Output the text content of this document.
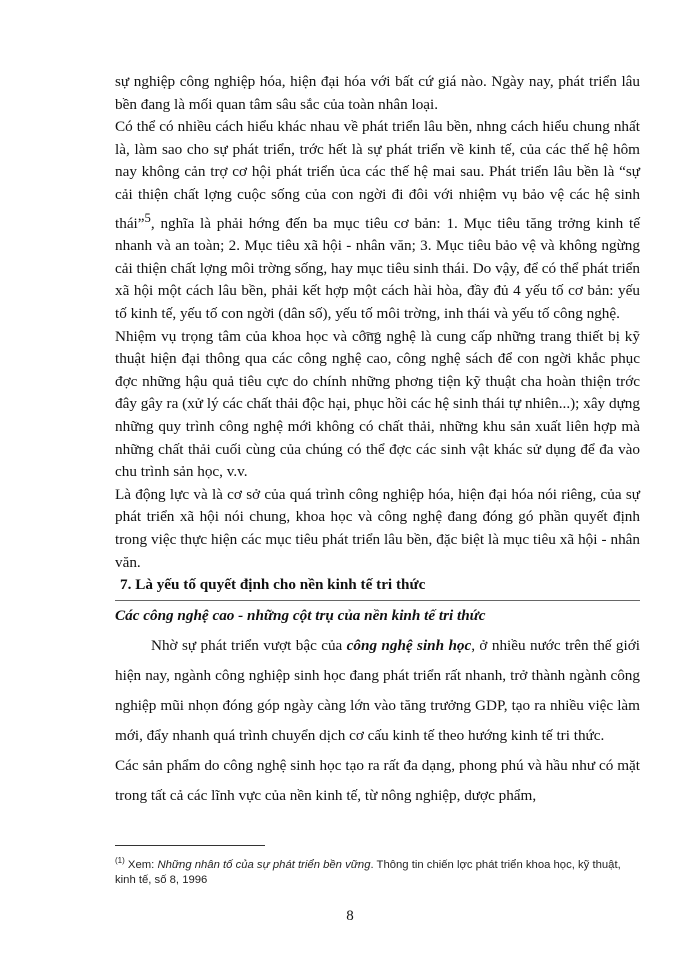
sự nghiệp công nghiệp hóa, hiện đại hóa với bất cứ giá nào. Ngày nay, phát triển lâu bền đang là mối quan tâm sâu sắc của toàn nhân loại.

Có thể có nhiều cách hiểu khác nhau về phát triển lâu bền, nhng cách hiểu chung nhất là, làm sao cho sự phát triển, trớc hết là sự phát triển về kinh tế, của các thế hệ hôm nay không cản trợ cơ hội phát triển ủca các thế hệ mai sau. Phát triển lâu bền là “sự cải thiện chất lợng cuộc sống của con ngời đi đôi với nhiệm vụ bảo vệ các hệ sinh thái”$^5$, nghĩa là phải hớng đến ba mục tiêu cơ bản: 1. Mục tiêu tăng trởng kinh tế nhanh và an toàn; 2. Mục tiêu xã hội - nhân văn; 3. Mục tiêu bảo vệ và không ngừng cải thiện chất lợng môi trờng sống, hay mục tiêu sinh thái. Do vậy, để có thể phát triển xã hội một cách lâu bền, phải kết hợp một cách hài hòa, đầy đủ 4 yếu tố cơ bản: yếu tố kinh tế, yếu tố con ngời (dân số), yếu tố môi trờng, inh thái và yếu tố công nghệ.

Nhiệm vụ trọng tâm của khoa học và công nghệ là cung cấp những trang thiết bị kỹ thuật hiện đại thông qua các công nghệ cao, công nghệ sách để con ngời khắc phục đợc những hậu quả tiêu cực do chính những phơng tiện kỹ thuật cha hoàn thiện trớc đây gây ra (xử lý các chất thải độc hại, phục hồi các hệ sinh thái tự nhiên...); xây dựng những quy trình công nghệ mới không có chất thải, những khu sản xuất liên hợp mà những chất thải cuối cùng của chúng có thể đợc các sinh vật khác sử dụng để đa vào chu trình sản học, v.v.

Là động lực và là cơ sở của quá trình công nghiệp hóa, hiện đại hóa nói riêng, của sự phát triển xã hội nói chung, khoa học và công nghệ đang đóng gó phần quyết định trong việc thực hiện các mục tiêu phát triển lâu bền, đặc biệt là mục tiêu xã hội - nhân văn.

7. Là yếu tố quyết định cho nền kinh tế tri thức
Các công nghệ cao - những cột trụ của nền kinh tế tri thức

Nhờ sự phát triển vượt bậc của công nghệ sinh học, ở nhiều nước trên thế giới hiện nay, ngành công nghiệp sinh học đang phát triển rất nhanh, trở thành ngành công nghiệp mũi nhọn đóng góp ngày càng lớn vào tăng trưởng GDP, tạo ra nhiều việc làm mới, đẩy nhanh quá trình chuyển dịch cơ cấu kinh tế theo hướng kinh tế tri thức.

Các sản phẩm do công nghệ sinh học tạo ra rất đa dạng, phong phú và hầu như có mặt trong tất cả các lĩnh vực của nền kinh tế, từ nông nghiệp, dược phẩm,

$^{(1)}$ Xem: Những nhân tố của sự phát triển bền vững. Thông tin chiến lợc phát triển khoa học, kỹ thuật, kinh tế, số 8, 1996
8
